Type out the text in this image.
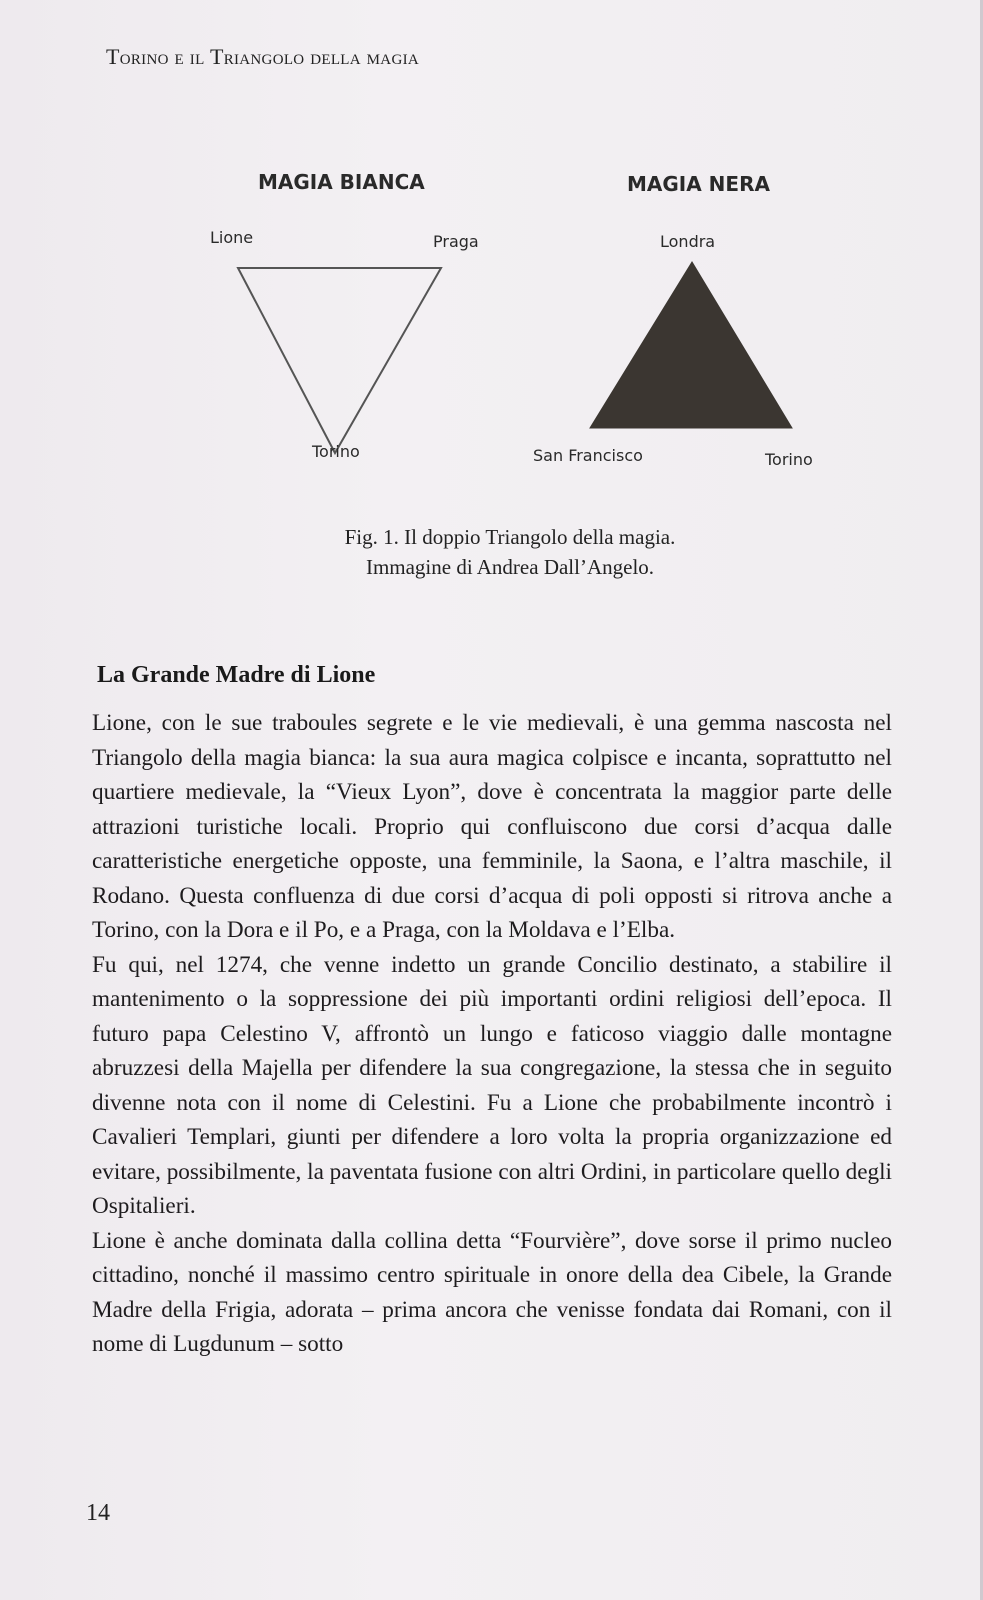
Torino e il Triangolo della magia
MAGIA BIANCA	MAGIA NERA
Lione	Praga
Torino
Londra
San Francisco	Torino
Fig. 1. Il doppio Triangolo della magia.
Immagine di Andrea Dall’Angelo.
La Grande Madre di Lione

Lione, con le sue traboules segrete e le vie medievali, è una gemma nascosta nel Triangolo della magia bianca: la sua aura magica colpisce e incanta, soprattutto nel quartiere medievale, la “Vieux Lyon”, dove è concentrata la maggior parte delle attrazioni turistiche locali. Proprio qui confluiscono due corsi d’acqua dalle caratteristiche energetiche opposte, una femminile, la Saona, e l’altra maschile, il Rodano. Questa confluenza di due corsi d’acqua di poli opposti si ritrova anche a Torino, con la Dora e il Po, e a Praga, con la Moldava e l’Elba.

Fu qui, nel 1274, che venne indetto un grande Concilio destinato, a stabilire il mantenimento o la soppressione dei più importanti ordini religiosi dell’epoca. Il futuro papa Celestino V, affrontò un lungo e faticoso viaggio dalle montagne abruzzesi della Majella per difendere la sua congregazione, la stessa che in seguito divenne nota con il nome di Celestini. Fu a Lione che probabilmente incontrò i Cavalieri Templari, giunti per difendere a loro volta la propria organizzazione ed evitare, possibilmente, la paventata fusione con altri Ordini, in particolare quello degli Ospitalieri.

Lione è anche dominata dalla collina detta “Fourvière”, dove sorse il primo nucleo cittadino, nonché il massimo centro spirituale in onore della dea Cibele, la Grande Madre della Frigia, adorata – prima ancora che venisse fondata dai Romani, con il nome di Lugdunum – sotto

14
